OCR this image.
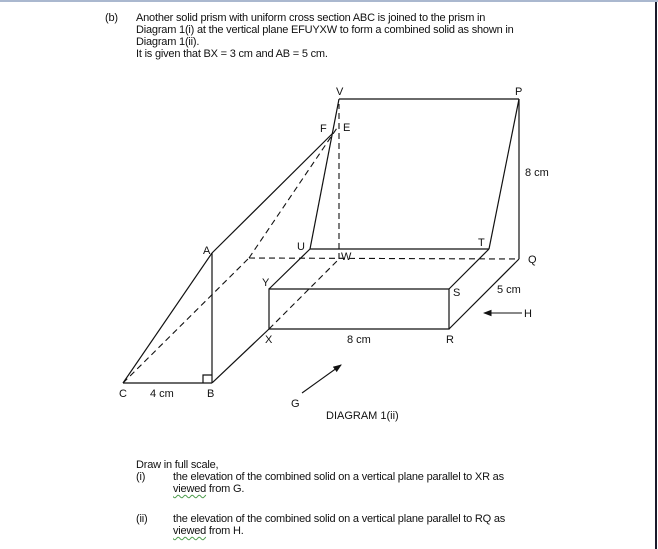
(b) Another solid prism with uniform cross section ABC is joined to the prism in
Diagram 1(i) at the vertical plane EFUYXW to form a combined solid as shown in
Diagram 1(ii).
It is given that BX = 3 cm and AB = 5 cm.
V	P
F E
U	T
W	Q
Y
S
X	R
A
C	B
G
H
4 cm
8 cm
8 cm
5 cm
DIAGRAM 1(ii)
Draw in full scale,
(i)	the elevation of the combined solid on a vertical plane parallel to XR as
viewed from G.
(ii) the elevation of the combined solid on a vertical plane parallel to RQ as
viewed from H.
